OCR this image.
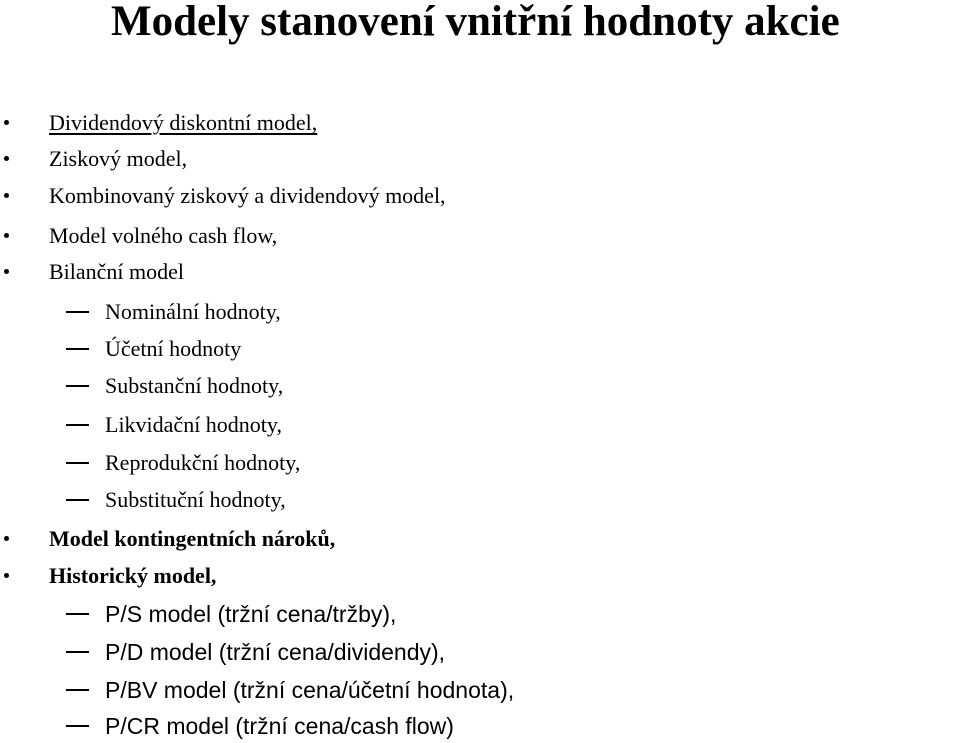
Modely stanovení vnitřní hodnoty akcie
Dividendový diskontní model,
Ziskový model,
Kombinovaný ziskový a dividendový model,
Model volného cash flow,
Bilanční model
Nominální hodnoty,
Účetní hodnoty
Substanční hodnoty,
Likvidační hodnoty,
Reprodukční hodnoty,
Substituční hodnoty,
Model kontingentních nároků,
Historický model,
P/S model (tržní cena/tržby),
P/D model (tržní cena/dividendy),
P/BV model (tržní cena/účetní hodnota),
P/CR model (tržní cena/cash flow)
